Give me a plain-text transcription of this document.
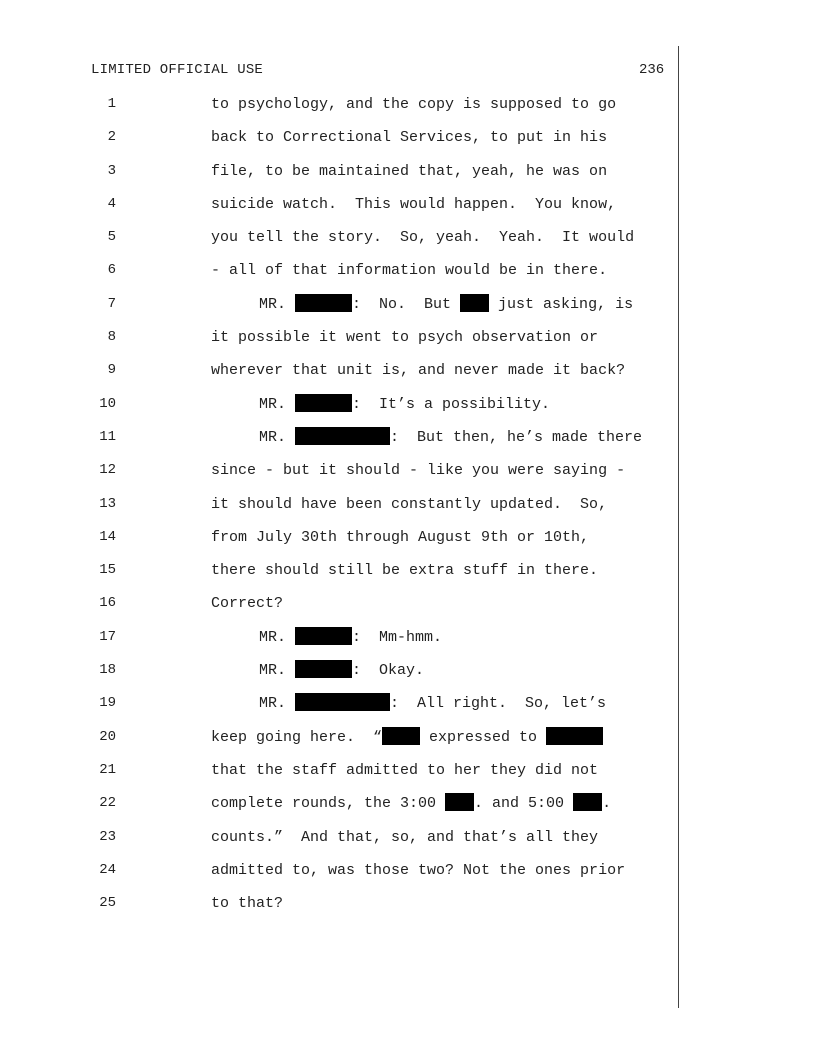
LIMITED OFFICIAL USE	236
1	to psychology, and the copy is supposed to go
2	back to Correctional Services, to put in his
3	file, to be maintained that, yeah, he was on
4	suicide watch.  This would happen.  You know,
5	you tell the story.  So, yeah.  Yeah.  It would
6	- all of that information would be in there.
7	MR.	:  No.  But  just asking, is
8	it possible it went to psych observation or
9	wherever that unit is, and never made it back?
10	MR.	:  It’s a possibility.
11	MR.	:  But then, he’s made there
12	since - but it should - like you were saying -
13	it should have been constantly updated.  So,
14	from July 30th through August 9th or 10th,
15	there should still be extra stuff in there.
16	Correct?
17	MR.	:  Mm-hmm.
18	MR.	:  Okay.
19	MR.	:  All right.  So, let’s
20	keep going here.  “	expressed to
21	that the staff admitted to her they did not
22	complete rounds, the 3:00 . and 5:00 .
23	counts.”  And that, so, and that’s all they
24	admitted to, was those two? Not the ones prior
25	to that?
